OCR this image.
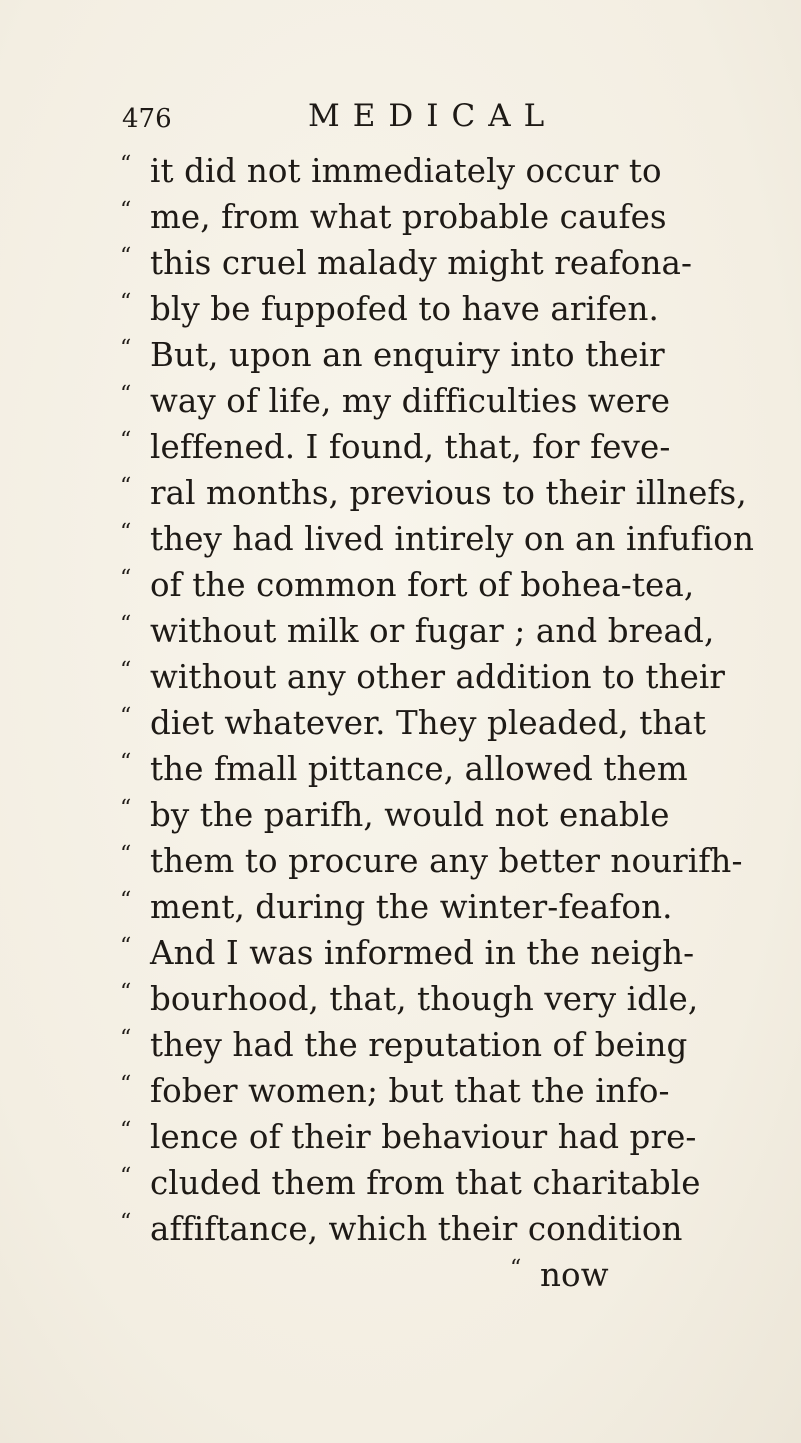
476	MEDICAL
“ it did not immediately occur to
“ me, from what probable caufes
“ this cruel malady might reafona-
“ bly be fuppofed to have arifen.
“ But, upon an enquiry into their
“ way of life, my difficulties were
“ leffened. I found, that, for feve-
“ ral months, previous to their illnefs,
“ they had lived intirely on an infufion
“ of the common fort of bohea-tea,
“ without milk or fugar ; and bread,
“ without any other addition to their
“ diet whatever. They pleaded, that
“ the fmall pittance, allowed them
“ by the parifh, would not enable
“ them to procure any better nourifh-
“ ment, during the winter-feafon.
“ And I was informed in the neigh-
“ bourhood, that, though very idle,
“ they had the reputation of being
“ fober women; but that the info-
“ lence of their behaviour had pre-
“ cluded them from that charitable
“ affiftance, which their condition
“ now
